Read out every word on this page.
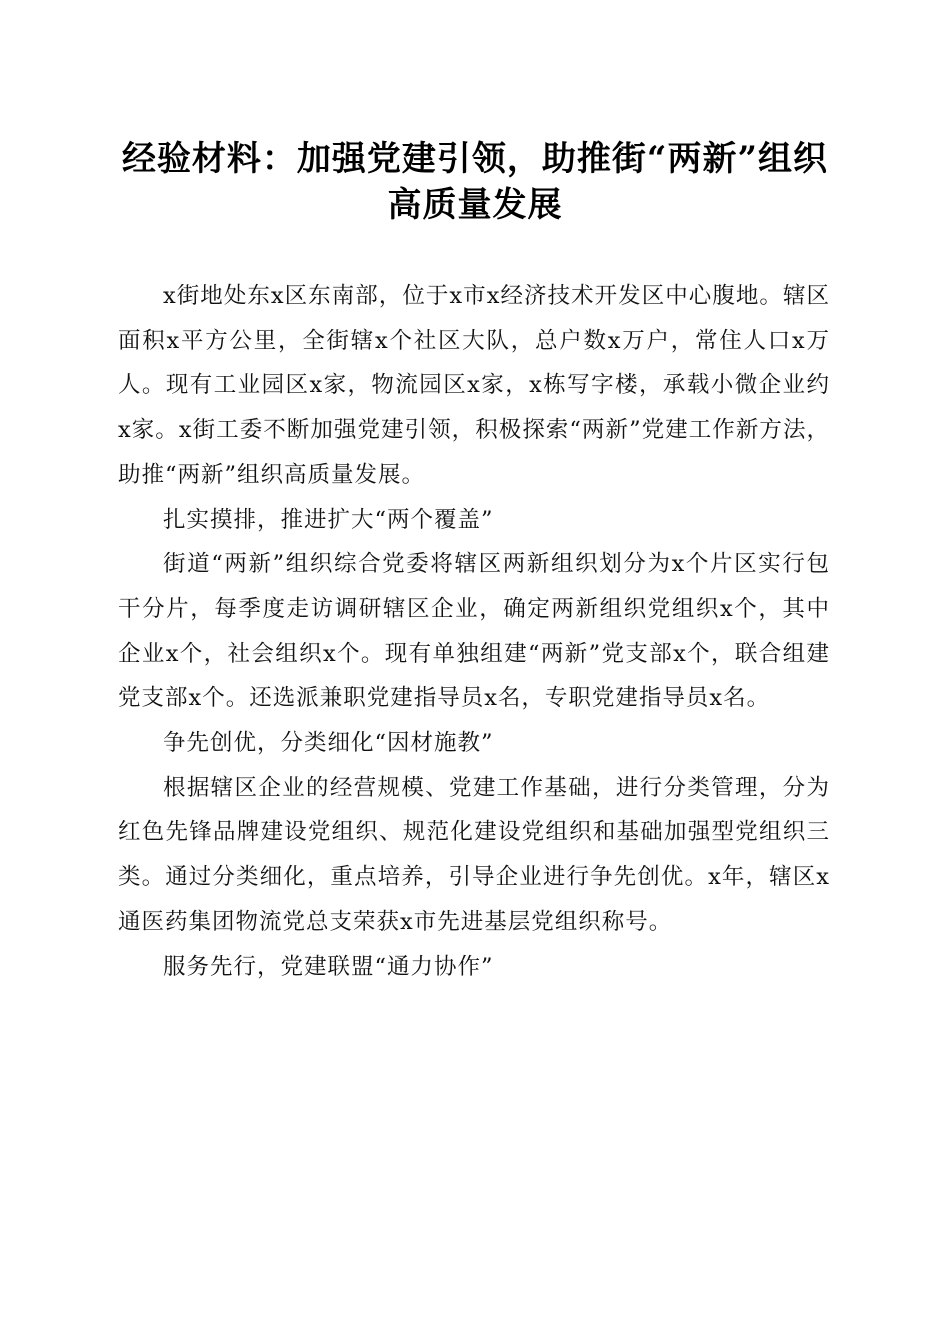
经验材料：加强党建引领，助推街“两新”组织高质量发展

x街地处东x区东南部，位于x市x经济技术开发区中心腹地。辖区面积x平方公里，全街辖x个社区大队，总户数x万户，常住人口x万人。现有工业园区x家，物流园区x家，x栋写字楼，承载小微企业约x家。x街工委不断加强党建引领，积极探索“两新”党建工作新方法，助推“两新”组织高质量发展。

扎实摸排，推进扩大“两个覆盖”

街道“两新”组织综合党委将辖区两新组织划分为x个片区实行包干分片，每季度走访调研辖区企业，确定两新组织党组织x个，其中企业x个，社会组织x个。现有单独组建“两新”党支部x个，联合组建党支部x个。还选派兼职党建指导员x名，专职党建指导员x名。

争先创优，分类细化“因材施教”

根据辖区企业的经营规模、党建工作基础，进行分类管理，分为红色先锋品牌建设党组织、规范化建设党组织和基础加强型党组织三类。通过分类细化，重点培养，引导企业进行争先创优。x年，辖区x通医药集团物流党总支荣获x市先进基层党组织称号。

服务先行，党建联盟“通力协作”
